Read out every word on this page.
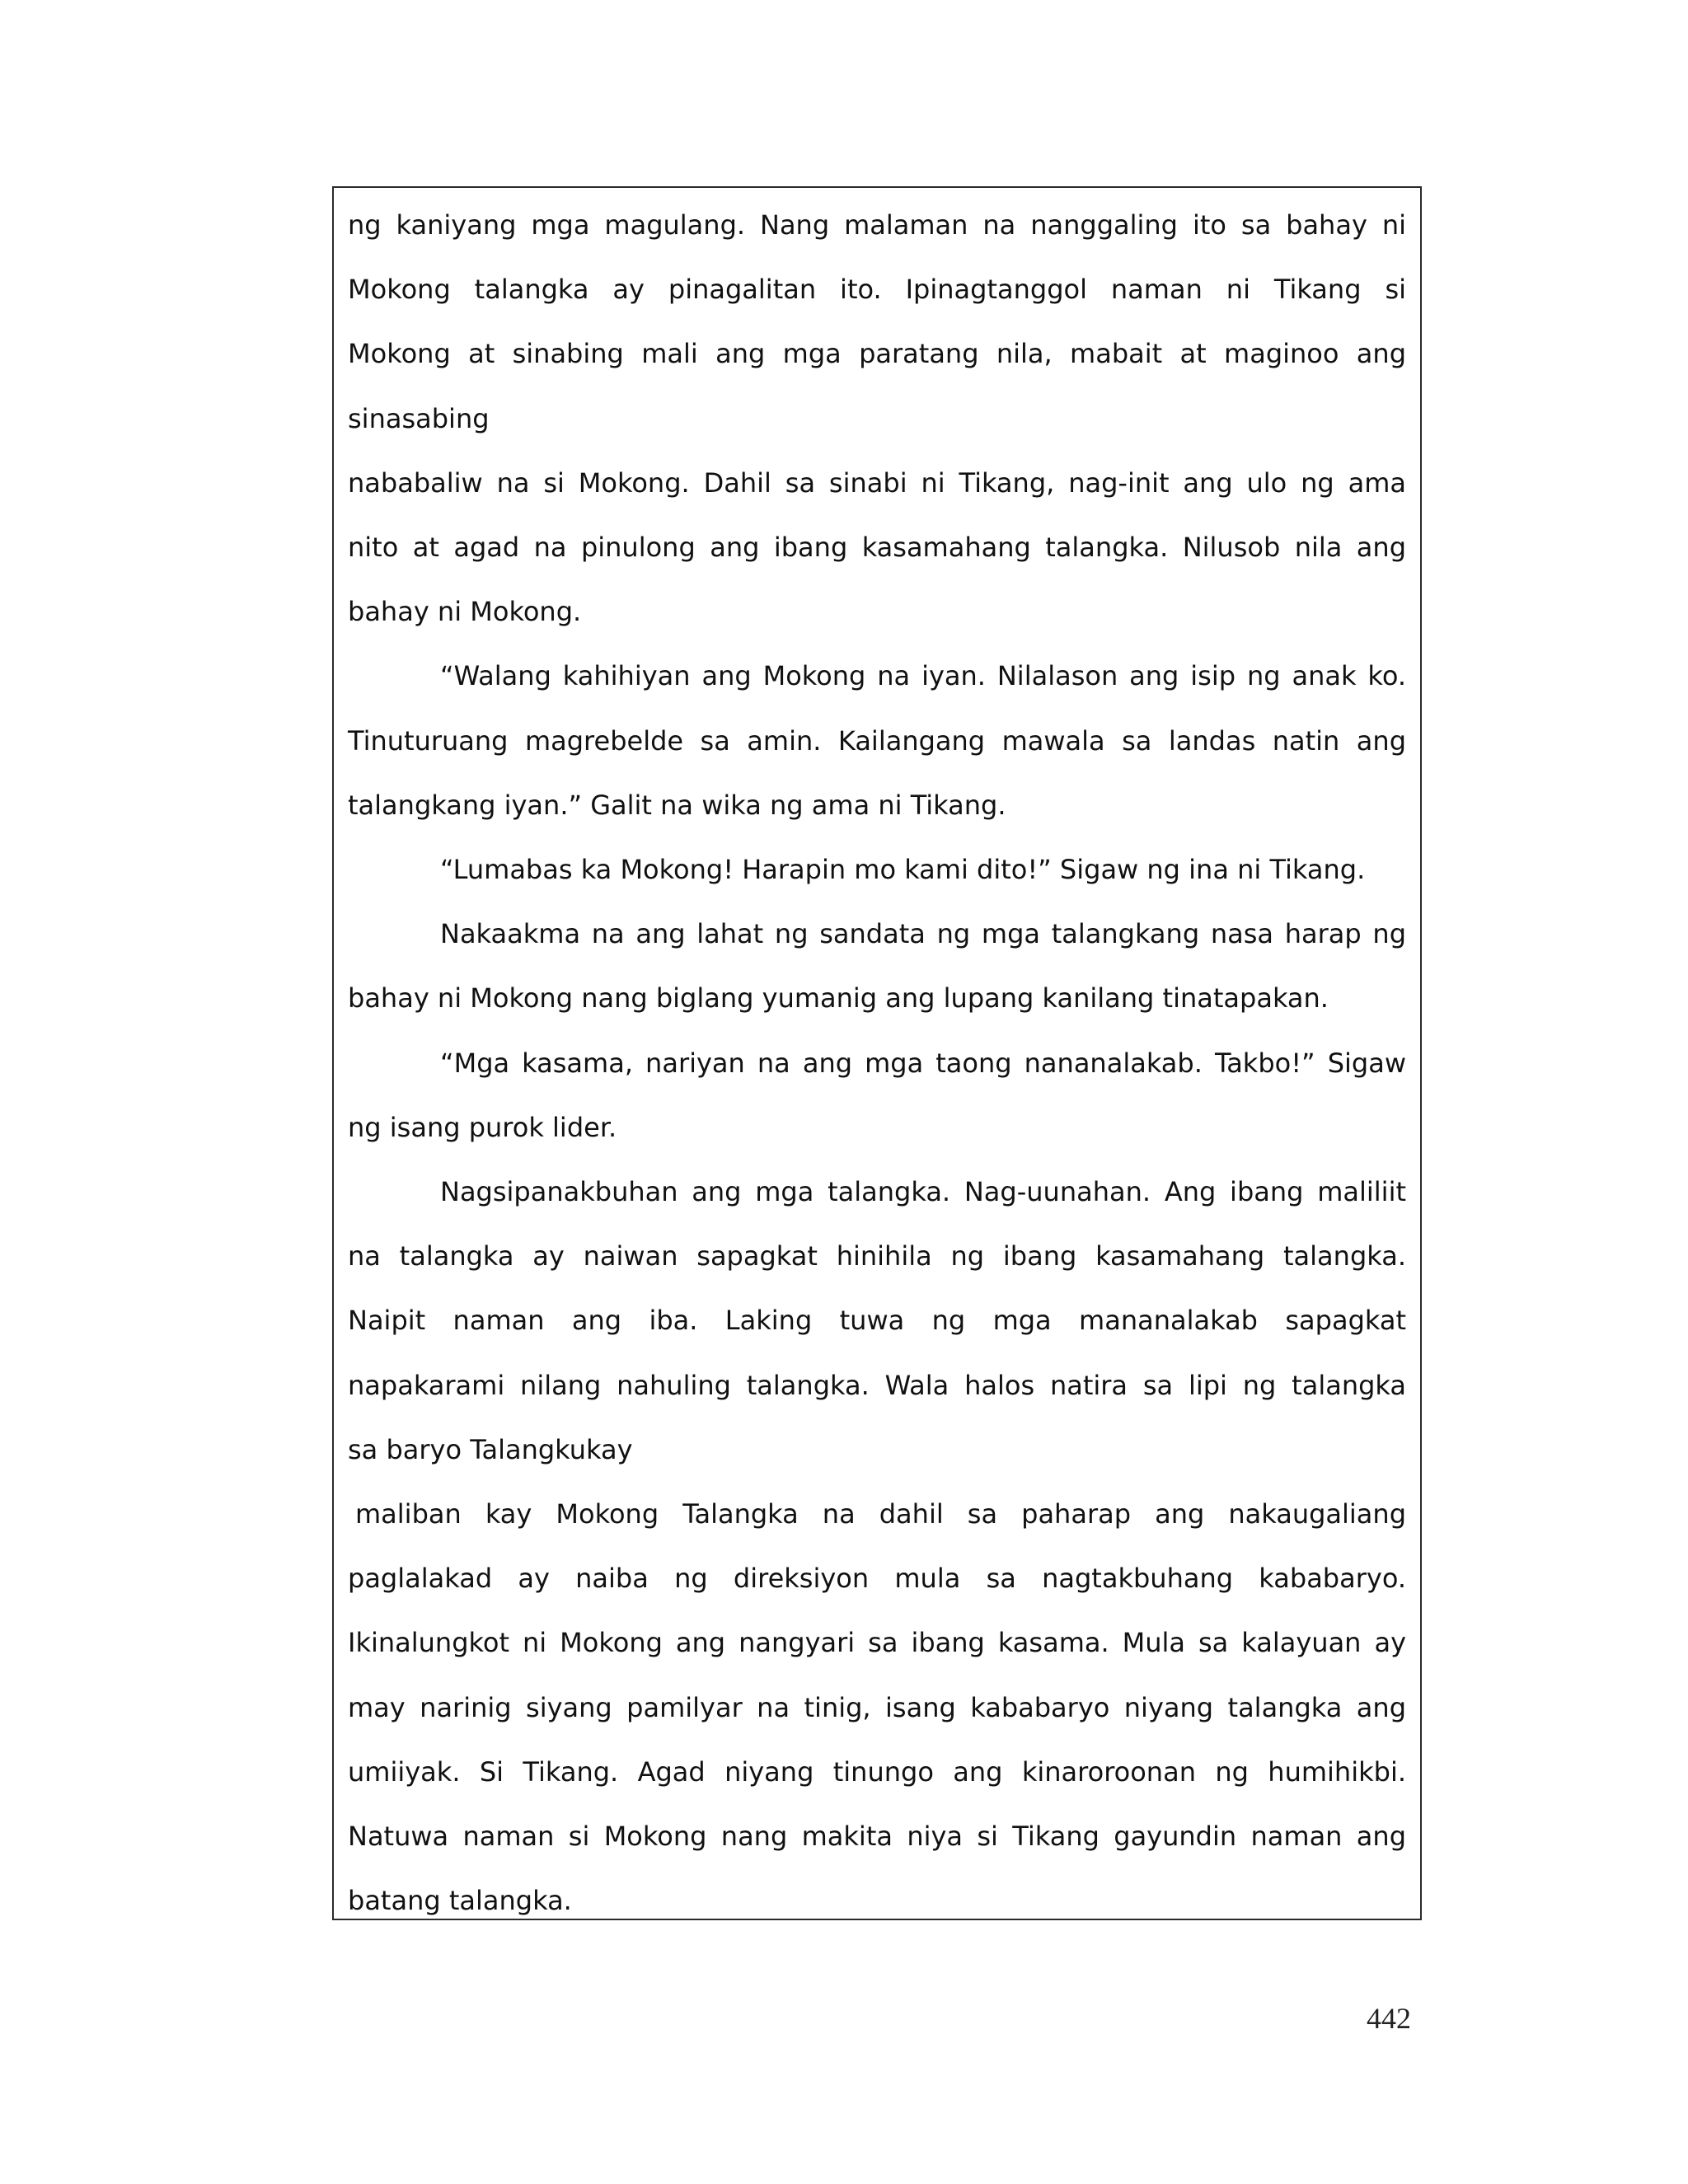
ng kaniyang mga magulang. Nang malaman na nanggaling ito sa bahay ni
Mokong talangka ay pinagalitan ito. Ipinagtanggol naman ni Tikang si
Mokong at sinabing mali ang mga paratang nila, mabait at maginoo ang
sinasabing
nababaliw na si Mokong. Dahil sa sinabi ni Tikang, nag-init ang ulo ng ama
nito at agad na pinulong ang ibang kasamahang talangka. Nilusob nila ang
bahay ni Mokong.
“Walang kahihiyan ang Mokong na iyan. Nilalason ang isip ng anak ko.
Tinuturuang magrebelde sa amin. Kailangang mawala sa landas natin ang
talangkang iyan.” Galit na wika ng ama ni Tikang.
“Lumabas ka Mokong! Harapin mo kami dito!” Sigaw ng ina ni Tikang.
Nakaakma na ang lahat ng sandata ng mga talangkang nasa harap ng
bahay ni Mokong nang biglang yumanig ang lupang kanilang tinatapakan.
“Mga kasama, nariyan na ang mga taong nananalakab. Takbo!” Sigaw
ng isang purok lider.
Nagsipanakbuhan ang mga talangka. Nag-uunahan. Ang ibang maliliit
na talangka ay naiwan sapagkat hinihila ng ibang kasamahang talangka.
Naipit naman ang iba. Laking tuwa ng mga mananalakab sapagkat
napakarami nilang nahuling talangka. Wala halos natira sa lipi ng talangka
sa baryo Talangkukay
maliban kay Mokong Talangka na dahil sa paharap ang nakaugaliang
paglalakad ay naiba ng direksiyon mula sa nagtakbuhang kababaryo.
Ikinalungkot ni Mokong ang nangyari sa ibang kasama. Mula sa kalayuan ay
may narinig siyang pamilyar na tinig, isang kababaryo niyang talangka ang
umiiyak. Si Tikang. Agad niyang tinungo ang kinaroroonan ng humihikbi.
Natuwa naman si Mokong nang makita niya si Tikang gayundin naman ang
batang talangka.
442
